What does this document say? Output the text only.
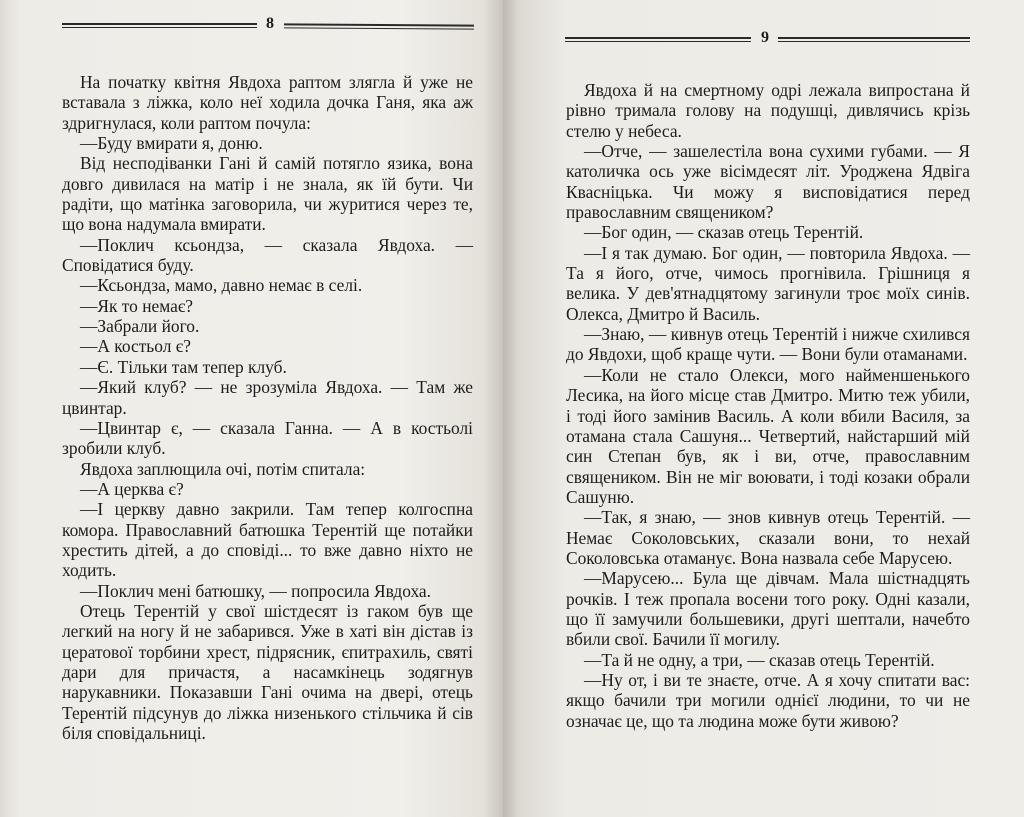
8

На початку квітня Явдоха раптом злягла й уже не вставала з ліжка, коло неї ходила дочка Ганя, яка аж здригнулася, коли раптом почула:

—Буду вмирати я, доню.

Від несподіванки Гані й самій потягло язика, вона довго дивилася на матір і не знала, як їй бути. Чи радіти, що матінка заговорила, чи журитися через те, що вона надумала вмирати.

—Поклич ксьондза, — сказала Явдоха. — Сповідатися буду.

—Ксьондза, мамо, давно немає в селі.

—Як то немає?

—Забрали його.

—А костьол є?

—Є. Тільки там тепер клуб.

—Який клуб? — не зрозуміла Явдоха. — Там же цвинтар.

—Цвинтар є, — сказала Ганна. — А в костьолі зробили клуб.

Явдоха заплющила очі, потім спитала:

—А церква є?

—І церкву давно закрили. Там тепер колгоспна комора. Православний батюшка Терентій ще потайки хрестить дітей, а до сповіді... то вже давно ніхто не ходить.

—Поклич мені батюшку, — попросила Явдоха.

Отець Терентій у свої шістдесят із гаком був ще легкий на ногу й не забарився. Уже в хаті він дістав із цератової торбини хрест, підрясник, єпитрахиль, святі дари для причастя, а насамкінець зодягнув нарукавники. Показавши Гані очима на двері, отець Терентій підсунув до ліжка низенького стільчика й сів біля сповідальниці.

9

Явдоха й на смертному одрі лежала випростана й рівно тримала голову на подушці, дивлячись крізь стелю у небеса.

—Отче, — зашелестіла вона сухими губами. — Я католичка ось уже вісімдесят літ. Уроджена Ядвіга Квасніцька. Чи можу я висповідатися перед православним священиком?

—Бог один, — сказав отець Терентій.

—І я так думаю. Бог один, — повторила Явдоха. — Та я його, отче, чимось прогнівила. Грішниця я велика. У дев'ятнадцятому загинули троє моїх синів. Олекса, Дмитро й Василь.

—Знаю, — кивнув отець Терентій і нижче схилився до Явдохи, щоб краще чути. — Вони були отаманами.

—Коли не стало Олекси, мого найменшенького Лесика, на його місце став Дмитро. Митю теж убили, і тоді його замінив Василь. А коли вбили Василя, за отамана стала Сашуня... Четвертий, найстарший мій син Степан був, як і ви, отче, православним священиком. Він не міг воювати, і тоді козаки обрали Сашуню.

—Так, я знаю, — знов кивнув отець Терентій. — Немає Соколовських, сказали вони, то нехай Соколовська отаманує. Вона назвала себе Марусею.

—Марусею... Була ще дівчам. Мала шістнадцять рочків. І теж пропала восени того року. Одні казали, що її замучили большевики, другі шептали, начебто вбили свої. Бачили її могилу.

—Та й не одну, а три, — сказав отець Терентій.

—Ну от, і ви те знаєте, отче. А я хочу спитати вас: якщо бачили три могили однієї людини, то чи не означає це, що та людина може бути живою?
